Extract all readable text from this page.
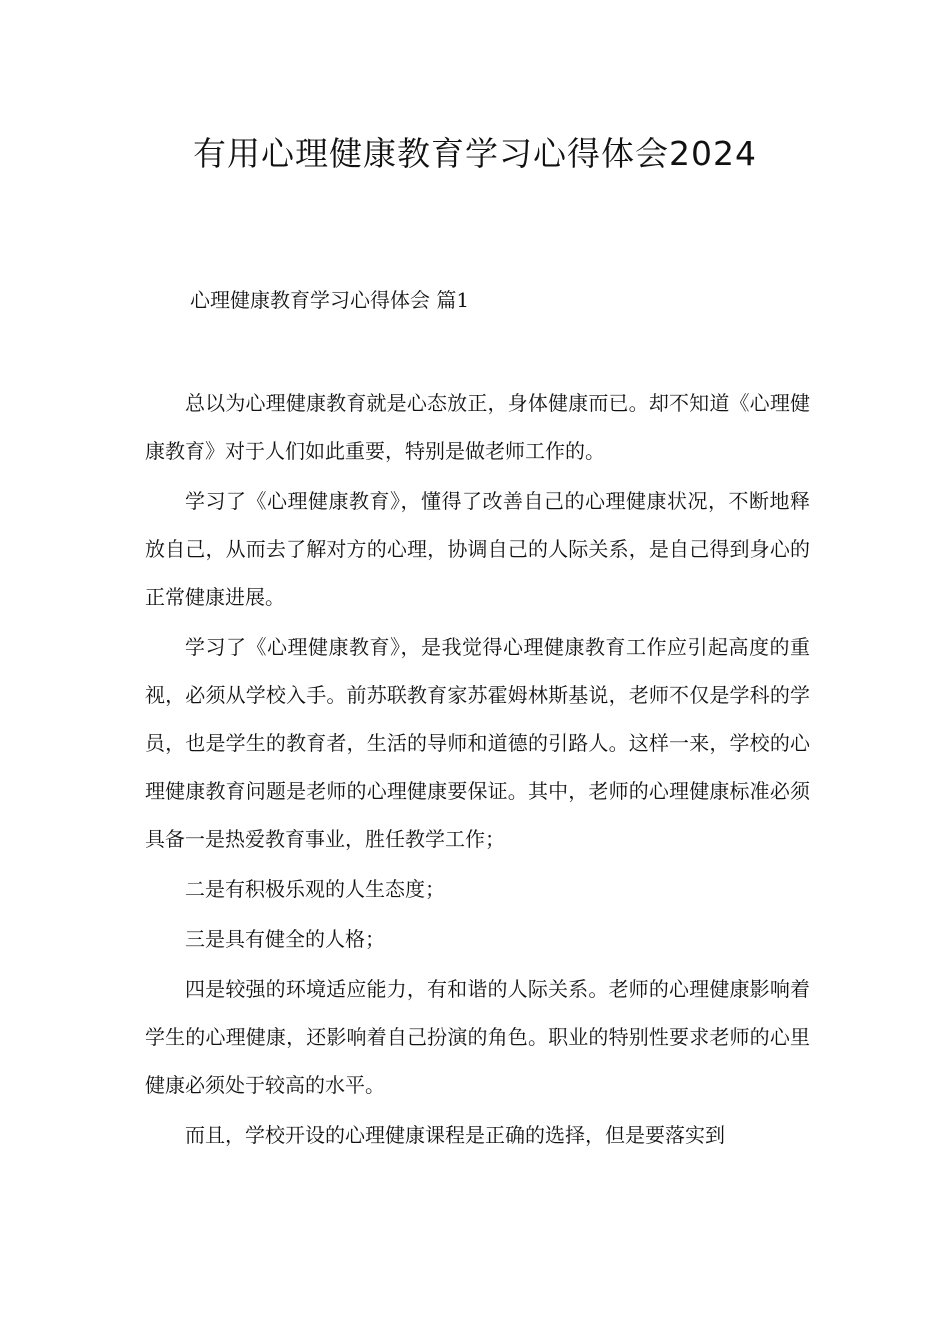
有用心理健康教育学习心得体会2024
心理健康教育学习心得体会 篇1

总以为心理健康教育就是心态放正，身体健康而已。却不知道《心理健康教育》对于人们如此重要，特别是做老师工作的。

学习了《心理健康教育》，懂得了改善自己的心理健康状况，不断地释放自己，从而去了解对方的心理，协调自己的人际关系，是自己得到身心的正常健康进展。

学习了《心理健康教育》，是我觉得心理健康教育工作应引起高度的重视，必须从学校入手。前苏联教育家苏霍姆林斯基说，老师不仅是学科的学员，也是学生的教育者，生活的导师和道德的引路人。这样一来，学校的心理健康教育问题是老师的心理健康要保证。其中，老师的心理健康标准必须具备一是热爱教育事业，胜任教学工作；

二是有积极乐观的人生态度；

三是具有健全的人格；

四是较强的环境适应能力，有和谐的人际关系。老师的心理健康影响着学生的心理健康，还影响着自己扮演的角色。职业的特别性要求老师的心里健康必须处于较高的水平。

而且，学校开设的心理健康课程是正确的选择，但是要落实到
